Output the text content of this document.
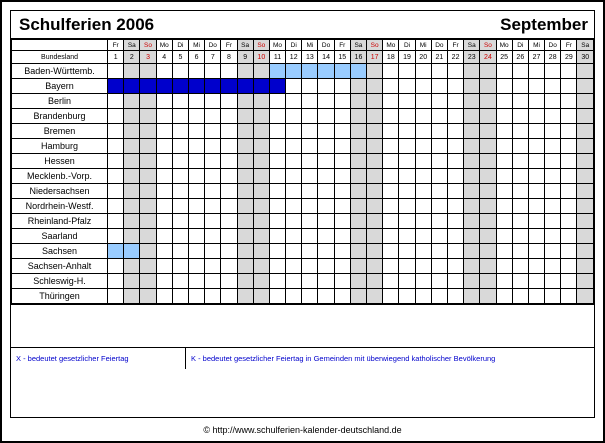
Schulferien 2006	September
	Fr	Sa	So	Mo	Di	Mi	Do	Fr	Sa	So	Mo	Di	Mi	Do	Fr	Sa	So	Mo	Di	Mi	Do	Fr	Sa	So	Mo	Di	Mi	Do	Fr	Sa
Bundesland	1	2	3	4	5	6	7	8	9	10	11	12	13	14	15	16	17	18	19	20	21	22	23	24	25	26	27	28	29	30
Baden-Württemb.																														
Bayern																														
Berlin																														
Brandenburg																														
Bremen																														
Hamburg																														
Hessen																														
Mecklenb.-Vorp.																														
Niedersachsen																														
Nordrhein-Westf.																														
Rheinland-Pfalz																														
Saarland																														
Sachsen																														
Sachsen-Anhalt																														
Schleswig-H.																														
Thüringen																														
X - bedeutet gesetzlicher Feiertag	K - bedeutet gesetzlicher Feiertag in Gemeinden mit überwiegend katholischer Bevölkerung
© http://www.schulferien-kalender-deutschland.de
